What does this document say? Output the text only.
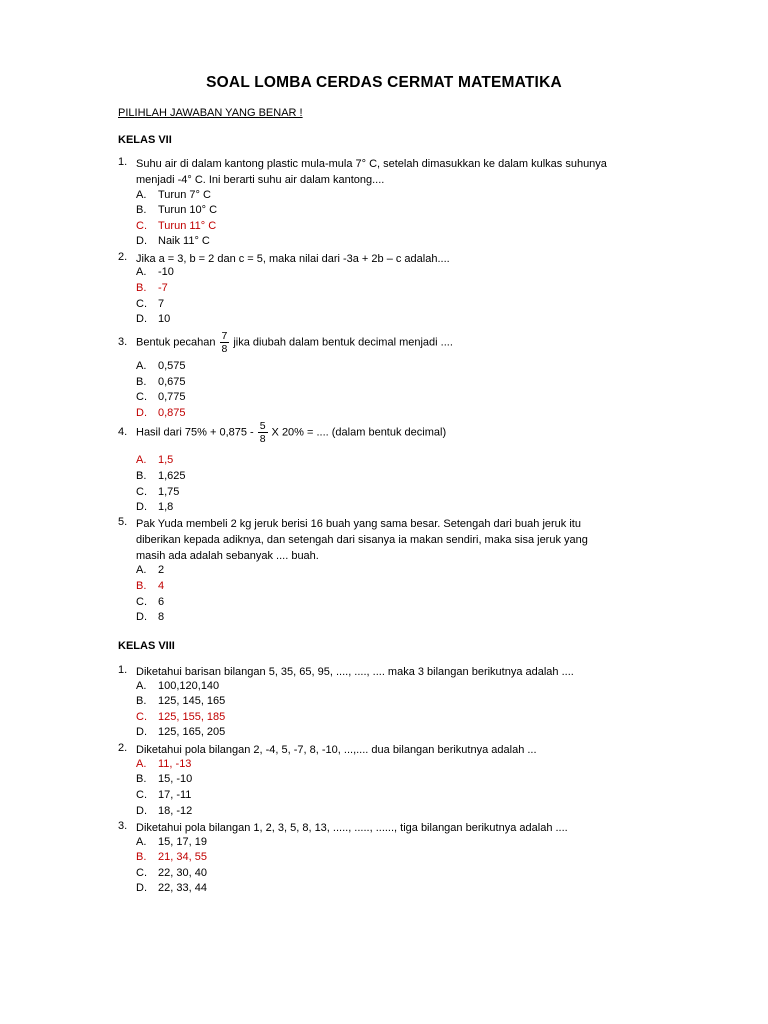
SOAL LOMBA CERDAS CERMAT MATEMATIKA
PILIHLAH JAWABAN YANG BENAR !
KELAS VII
1. Suhu air di dalam kantong plastic mula-mula 7° C, setelah dimasukkan ke dalam kulkas suhunya
menjadi -4° C. Ini berarti suhu air dalam kantong....
A. Turun 7° C
B. Turun 10° C
C. Turun 11° C
D. Naik 11° C
2. Jika a = 3, b = 2 dan c = 5, maka nilai dari -3a + 2b – c adalah....
A. -10
B. -7
C. 7
D. 10
3. Bentuk pecahan $\frac{7}{8}$ jika diubah dalam bentuk decimal menjadi ....
A. 0,575
B. 0,675
C. 0,775
D. 0,875
4. Hasil dari $75\% + 0,875 - \frac{5}{8}$ X 20% = .... (dalam bentuk decimal)
A. 1,5
B. 1,625
C. 1,75
D. 1,8
5. Pak Yuda membeli 2 kg jeruk berisi 16 buah yang sama besar. Setengah dari buah jeruk itu
diberikan kepada adiknya, dan setengah dari sisanya ia makan sendiri, maka sisa jeruk yang
masih ada adalah sebanyak .... buah.
A. 2
B. 4
C. 6
D. 8
KELAS VIII
1. Diketahui barisan bilangan 5, 35, 65, 95, ...., ...., .... maka 3 bilangan berikutnya adalah ....
A. 100,120,140
B. 125, 145, 165
C. 125, 155, 185
D. 125, 165, 205
2. Diketahui pola bilangan 2, -4, 5, -7, 8, -10, ...,.... dua bilangan berikutnya adalah ...
A. 11, -13
B. 15, -10
C. 17, -11
D. 18, -12
3. Diketahui pola bilangan 1, 2, 3, 5, 8, 13, ....., ....., ......, tiga bilangan berikutnya adalah ....
A. 15, 17, 19
B. 21, 34, 55
C. 22, 30, 40
D. 22, 33, 44
